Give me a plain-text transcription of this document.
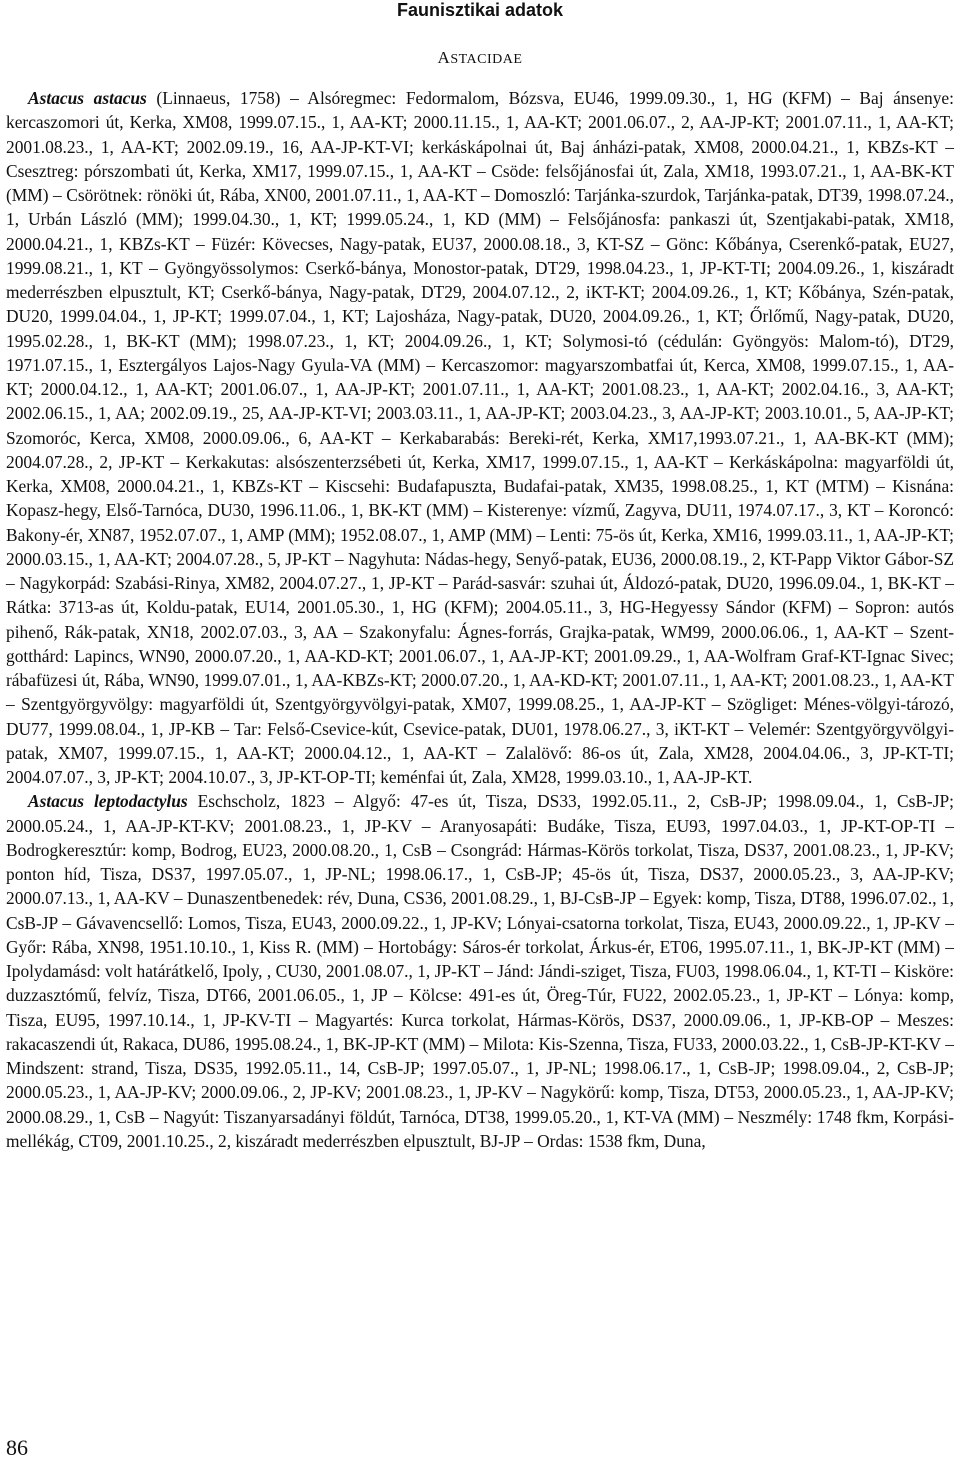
Faunisztikai adatok
ASTACIDAE

Astacus astacus (Linnaeus, 1758) – Alsóregmec: Fedormalom, Bózsva, EU46, 1999.09.30., 1, HG (KFM) – Baj ánsenye: kercaszomori út, Kerka, XM08, 1999.07.15., 1, AA-KT; 2000.11.15., 1, AA-KT; 2001.06.07., 2, AA-JP-KT; 2001.07.11., 1, AA-KT; 2001.08.23., 1, AA-KT; 2002.09.19., 16, AA-JP-KT-VI; kerkáskápolnai út, Baj ánházi-patak, XM08, 2000.04.21., 1, KBZs-KT – Csesztreg: pórszombati út, Kerka, XM17, 1999.07.15., 1, AA-KT – Csöde: felsőjánosfai út, Zala, XM18, 1993.07.21., 1, AA-BK-KT (MM) – Csörötnek: rönöki út, Rába, XN00, 2001.07.11., 1, AA-KT – Domoszló: Tarjánka-szurdok, Tarjánka-patak, DT39, 1998.07.24., 1, Urbán László (MM); 1999.04.30., 1, KT; 1999.05.24., 1, KD (MM) – Felsőjánosfa: pankaszi út, Szentjakabi-patak, XM18, 2000.04.21., 1, KBZs-KT – Füzér: Kövecses, Nagy-patak, EU37, 2000.08.18., 3, KT-SZ – Gönc: Kőbánya, Cserenkő-patak, EU27, 1999.08.21., 1, KT – Gyöngyössolymos: Cserkő-bánya, Monostor-patak, DT29, 1998.04.23., 1, JP-KT-TI; 2004.09.26., 1, kiszáradt mederrészben elpusztult, KT; Cserkő-bánya, Nagy-patak, DT29, 2004.07.12., 2, iKT-KT; 2004.09.26., 1, KT; Kőbánya, Szén-patak, DU20, 1999.04.04., 1, JP-KT; 1999.07.04., 1, KT; Lajosháza, Nagy-patak, DU20, 2004.09.26., 1, KT; Őrlőmű, Nagy-patak, DU20, 1995.02.28., 1, BK-KT (MM); 1998.07.23., 1, KT; 2004.09.26., 1, KT; Solymosi-tó (cédulán: Gyöngyös: Malom-tó), DT29, 1971.07.15., 1, Esztergályos Lajos-Nagy Gyula-VA (MM) – Kercaszomor: magyarszombatfai út, Kerca, XM08, 1999.07.15., 1, AA-KT; 2000.04.12., 1, AA-KT; 2001.06.07., 1, AA-JP-KT; 2001.07.11., 1, AA-KT; 2001.08.23., 1, AA-KT; 2002.04.16., 3, AA-KT; 2002.06.15., 1, AA; 2002.09.19., 25, AA-JP-KT-VI; 2003.03.11., 1, AA-JP-KT; 2003.04.23., 3, AA-JP-KT; 2003.10.01., 5, AA-JP-KT; Szomoróc, Kerca, XM08, 2000.09.06., 6, AA-KT – Kerkabarabás: Bereki-rét, Kerka, XM17,1993.07.21., 1, AA-BK-KT (MM); 2004.07.28., 2, JP-KT – Kerkakutas: alsószenterzsébeti út, Kerka, XM17, 1999.07.15., 1, AA-KT – Kerkáskápolna: magyarföldi út, Kerka, XM08, 2000.04.21., 1, KBZs-KT – Kiscsehi: Budafapuszta, Budafai-patak, XM35, 1998.08.25., 1, KT (MTM) – Kisnána: Kopasz-hegy, Első-Tarnóca, DU30, 1996.11.06., 1, BK-KT (MM) – Kisterenye: vízmű, Zagyva, DU11, 1974.07.17., 3, KT – Koroncó: Bakony-ér, XN87, 1952.07.07., 1, AMP (MM); 1952.08.07., 1, AMP (MM) – Lenti: 75-ös út, Kerka, XM16, 1999.03.11., 1, AA-JP-KT; 2000.03.15., 1, AA-KT; 2004.07.28., 5, JP-KT – Nagyhuta: Nádas-hegy, Senyő-patak, EU36, 2000.08.19., 2, KT-Papp Viktor Gábor-SZ – Nagykorpád: Szabási-Rinya, XM82, 2004.07.27., 1, JP-KT – Parád-sasvár: szuhai út, Áldozó-patak, DU20, 1996.09.04., 1, BK-KT – Rátka: 3713-as út, Koldu-patak, EU14, 2001.05.30., 1, HG (KFM); 2004.05.11., 3, HG-Hegyessy Sándor (KFM) – Sopron: autós pihenő, Rák-patak, XN18, 2002.07.03., 3, AA – Szakonyfalu: Ágnes-forrás, Grajka-patak, WM99, 2000.06.06., 1, AA-KT – Szent-gotthárd: Lapincs, WN90, 2000.07.20., 1, AA-KD-KT; 2001.06.07., 1, AA-JP-KT; 2001.09.29., 1, AA-Wolfram Graf-KT-Ignac Sivec; rábafüzesi út, Rába, WN90, 1999.07.01., 1, AA-KBZs-KT; 2000.07.20., 1, AA-KD-KT; 2001.07.11., 1, AA-KT; 2001.08.23., 1, AA-KT – Szentgyörgyvölgy: magyarföldi út, Szentgyörgyvölgyi-patak, XM07, 1999.08.25., 1, AA-JP-KT – Szögliget: Ménes-völgyi-tározó, DU77, 1999.08.04., 1, JP-KB – Tar: Felső-Csevice-kút, Csevice-patak, DU01, 1978.06.27., 3, iKT-KT – Velemér: Szentgyörgyvölgyi-patak, XM07, 1999.07.15., 1, AA-KT; 2000.04.12., 1, AA-KT – Zalalövő: 86-os út, Zala, XM28, 2004.04.06., 3, JP-KT-TI; 2004.07.07., 3, JP-KT; 2004.10.07., 3, JP-KT-OP-TI; keménfai út, Zala, XM28, 1999.03.10., 1, AA-JP-KT.

Astacus leptodactylus Eschscholz, 1823 – Algyő: 47-es út, Tisza, DS33, 1992.05.11., 2, CsB-JP; 1998.09.04., 1, CsB-JP; 2000.05.24., 1, AA-JP-KT-KV; 2001.08.23., 1, JP-KV – Aranyosapáti: Budáke, Tisza, EU93, 1997.04.03., 1, JP-KT-OP-TI – Bodrogkeresztúr: komp, Bodrog, EU23, 2000.08.20., 1, CsB – Csongrád: Hármas-Körös torkolat, Tisza, DS37, 2001.08.23., 1, JP-KV; ponton híd, Tisza, DS37, 1997.05.07., 1, JP-NL; 1998.06.17., 1, CsB-JP; 45-ös út, Tisza, DS37, 2000.05.23., 3, AA-JP-KV; 2000.07.13., 1, AA-KV – Dunaszentbenedek: rév, Duna, CS36, 2001.08.29., 1, BJ-CsB-JP – Egyek: komp, Tisza, DT88, 1996.07.02., 1, CsB-JP – Gávavencsellő: Lomos, Tisza, EU43, 2000.09.22., 1, JP-KV; Lónyai-csatorna torkolat, Tisza, EU43, 2000.09.22., 1, JP-KV – Győr: Rába, XN98, 1951.10.10., 1, Kiss R. (MM) – Hortobágy: Sáros-ér torkolat, Árkus-ér, ET06, 1995.07.11., 1, BK-JP-KT (MM) – Ipolydamásd: volt határátkelő, Ipoly, , CU30, 2001.08.07., 1, JP-KT – Jánd: Jándi-sziget, Tisza, FU03, 1998.06.04., 1, KT-TI – Kisköre: duzzasztómű, felvíz, Tisza, DT66, 2001.06.05., 1, JP – Kölcse: 491-es út, Öreg-Túr, FU22, 2002.05.23., 1, JP-KT – Lónya: komp, Tisza, EU95, 1997.10.14., 1, JP-KV-TI – Magyartés: Kurca torkolat, Hármas-Körös, DS37, 2000.09.06., 1, JP-KB-OP – Meszes: rakacaszendi út, Rakaca, DU86, 1995.08.24., 1, BK-JP-KT (MM) – Milota: Kis-Szenna, Tisza, FU33, 2000.03.22., 1, CsB-JP-KT-KV – Mindszent: strand, Tisza, DS35, 1992.05.11., 14, CsB-JP; 1997.05.07., 1, JP-NL; 1998.06.17., 1, CsB-JP; 1998.09.04., 2, CsB-JP; 2000.05.23., 1, AA-JP-KV; 2000.09.06., 2, JP-KV; 2001.08.23., 1, JP-KV – Nagykörű: komp, Tisza, DT53, 2000.05.23., 1, AA-JP-KV; 2000.08.29., 1, CsB – Nagyút: Tiszanyarsadányi földút, Tarnóca, DT38, 1999.05.20., 1, KT-VA (MM) – Neszmély: 1748 fkm, Korpási-mellékág, CT09, 2001.10.25., 2, kiszáradt mederrészben elpusztult, BJ-JP – Ordas: 1538 fkm, Duna,

86
